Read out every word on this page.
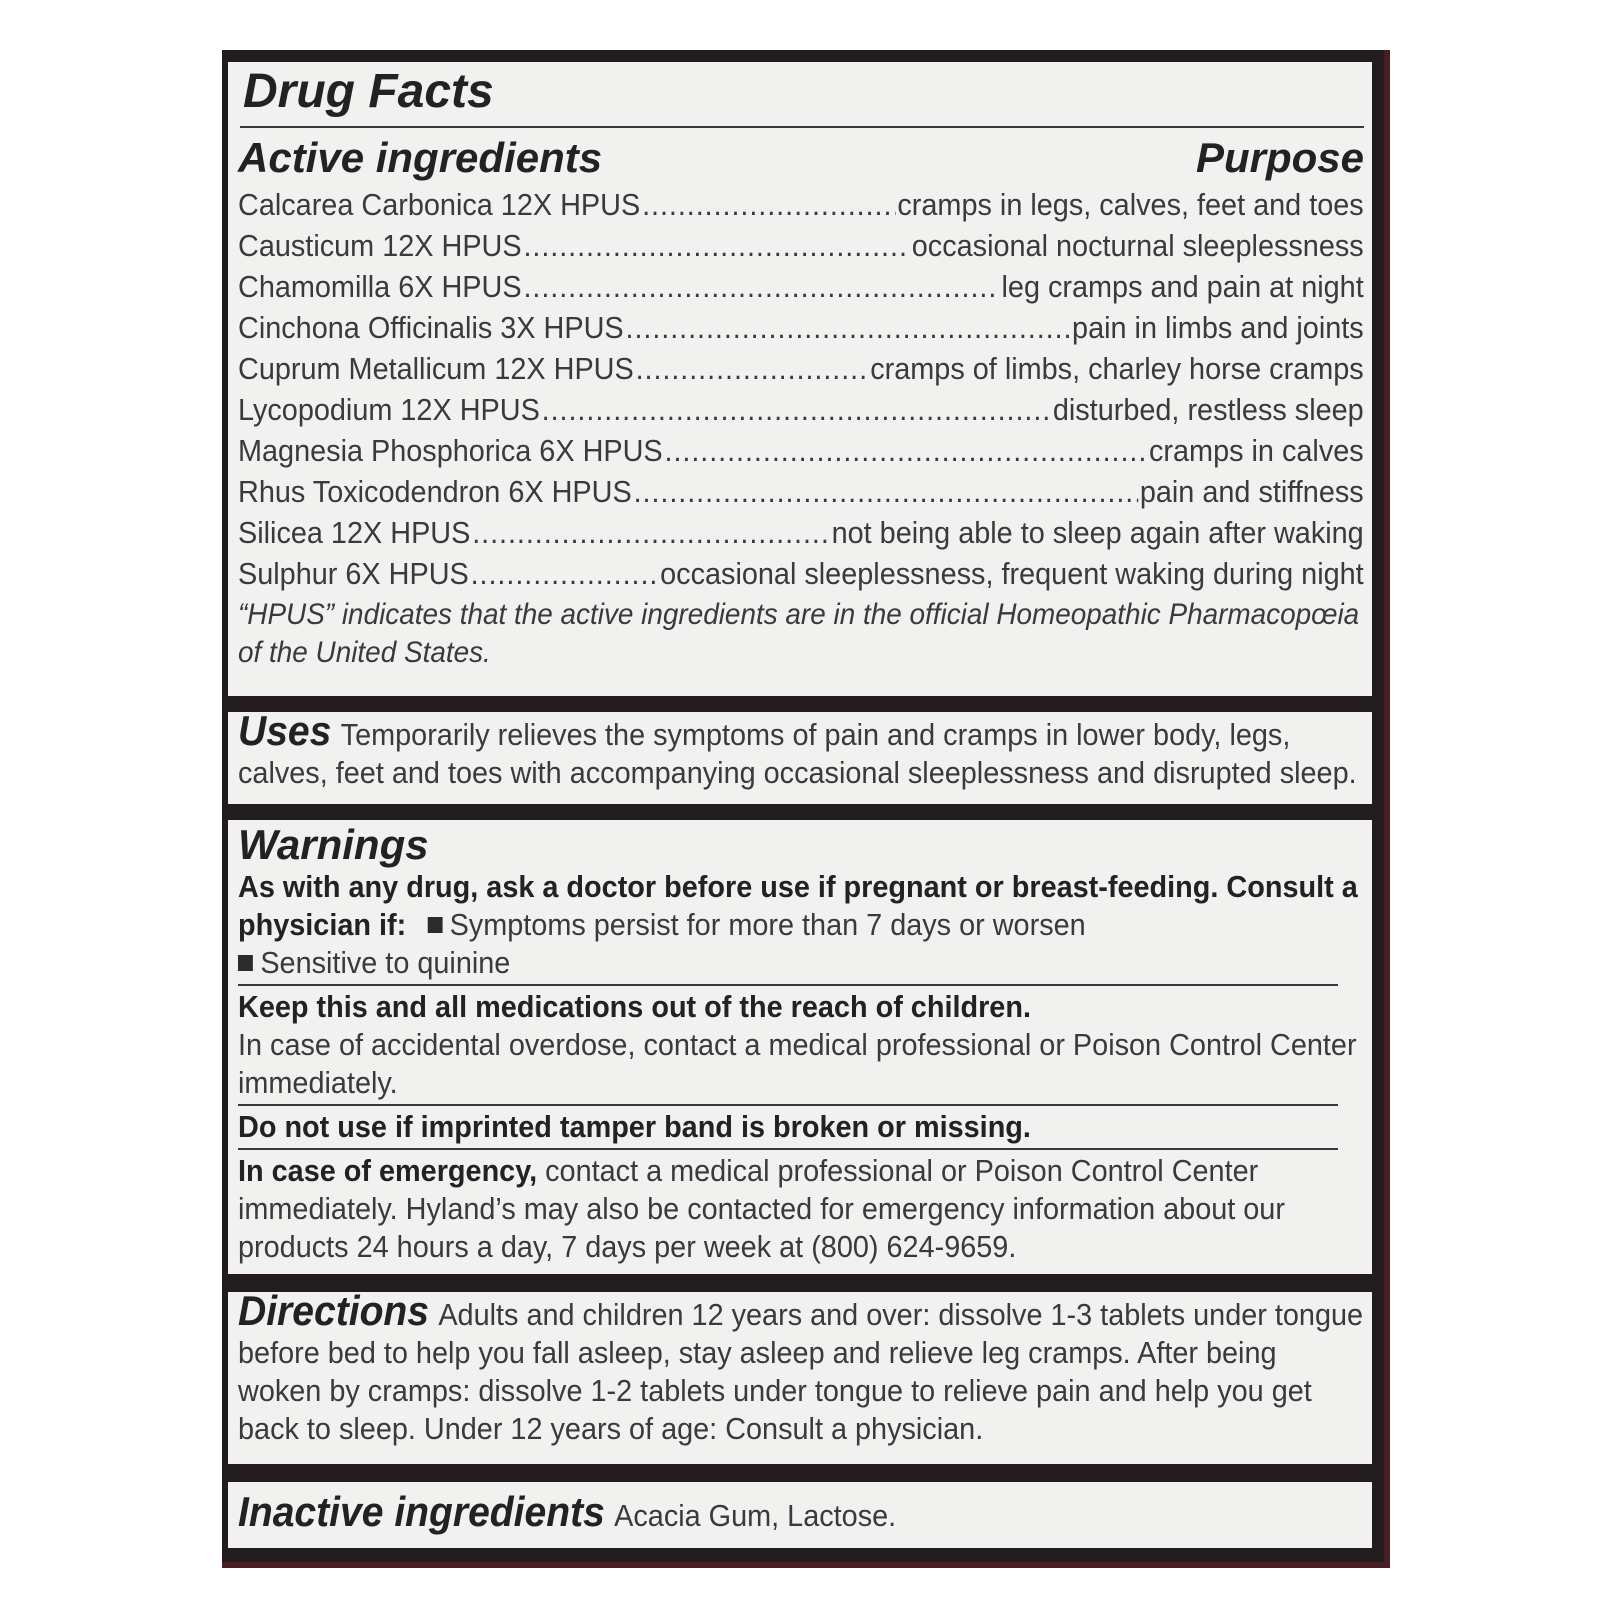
Drug Facts
Active ingredients	Purpose
Calcarea Carbonica 12X HPUS .....	cramps in legs, calves, feet and toes
Causticum 12X HPUS .....	occasional nocturnal sleeplessness
Chamomilla 6X HPUS .....	leg cramps and pain at night
Cinchona Officinalis 3X HPUS .....	pain in limbs and joints
Cuprum Metallicum 12X HPUS .....	cramps of limbs, charley horse cramps
Lycopodium 12X HPUS .....	disturbed, restless sleep
Magnesia Phosphorica 6X HPUS .....	cramps in calves
Rhus Toxicodendron 6X HPUS .....	pain and stiffness
Silicea 12X HPUS .....	not being able to sleep again after waking
Sulphur 6X HPUS .....	occasional sleeplessness, frequent waking during night
“HPUS” indicates that the active ingredients are in the official Homeopathic Pharmacopœia of the United States.
Uses Temporarily relieves the symptoms of pain and cramps in lower body, legs, calves, feet and toes with accompanying occasional sleeplessness and disrupted sleep.
Warnings
As with any drug, ask a doctor before use if pregnant or breast-feeding. Consult a physician if: Symptoms persist for more than 7 days or worsen
Sensitive to quinine
Keep this and all medications out of the reach of children.
In case of accidental overdose, contact a medical professional or Poison Control Center immediately.
Do not use if imprinted tamper band is broken or missing.
In case of emergency, contact a medical professional or Poison Control Center immediately. Hyland’s may also be contacted for emergency information about our products 24 hours a day, 7 days per week at (800) 624-9659.
Directions Adults and children 12 years and over: dissolve 1-3 tablets under tongue before bed to help you fall asleep, stay asleep and relieve leg cramps. After being woken by cramps: dissolve 1-2 tablets under tongue to relieve pain and help you get back to sleep. Under 12 years of age: Consult a physician.
Inactive ingredients Acacia Gum, Lactose.
